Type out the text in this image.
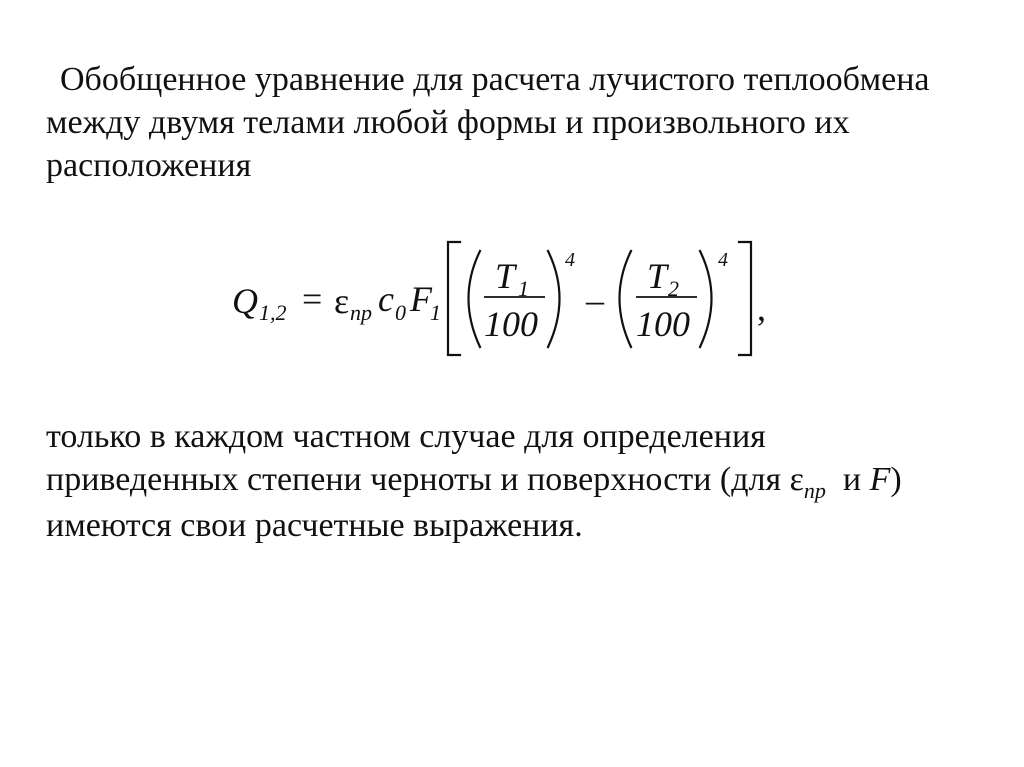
Обобщенное уравнение для расчета лучистого теплообмена
между двумя телами любой формы и произвольного их
расположения
Q 1,2 = ε пр c 0 F
1
T 1
100
4
–
T 2
100
4
,
только в каждом частном случае для определения
приведенных степени черноты и поверхности (для $\varepsilon_{пр}$  и F)
имеются свои расчетные выражения.
